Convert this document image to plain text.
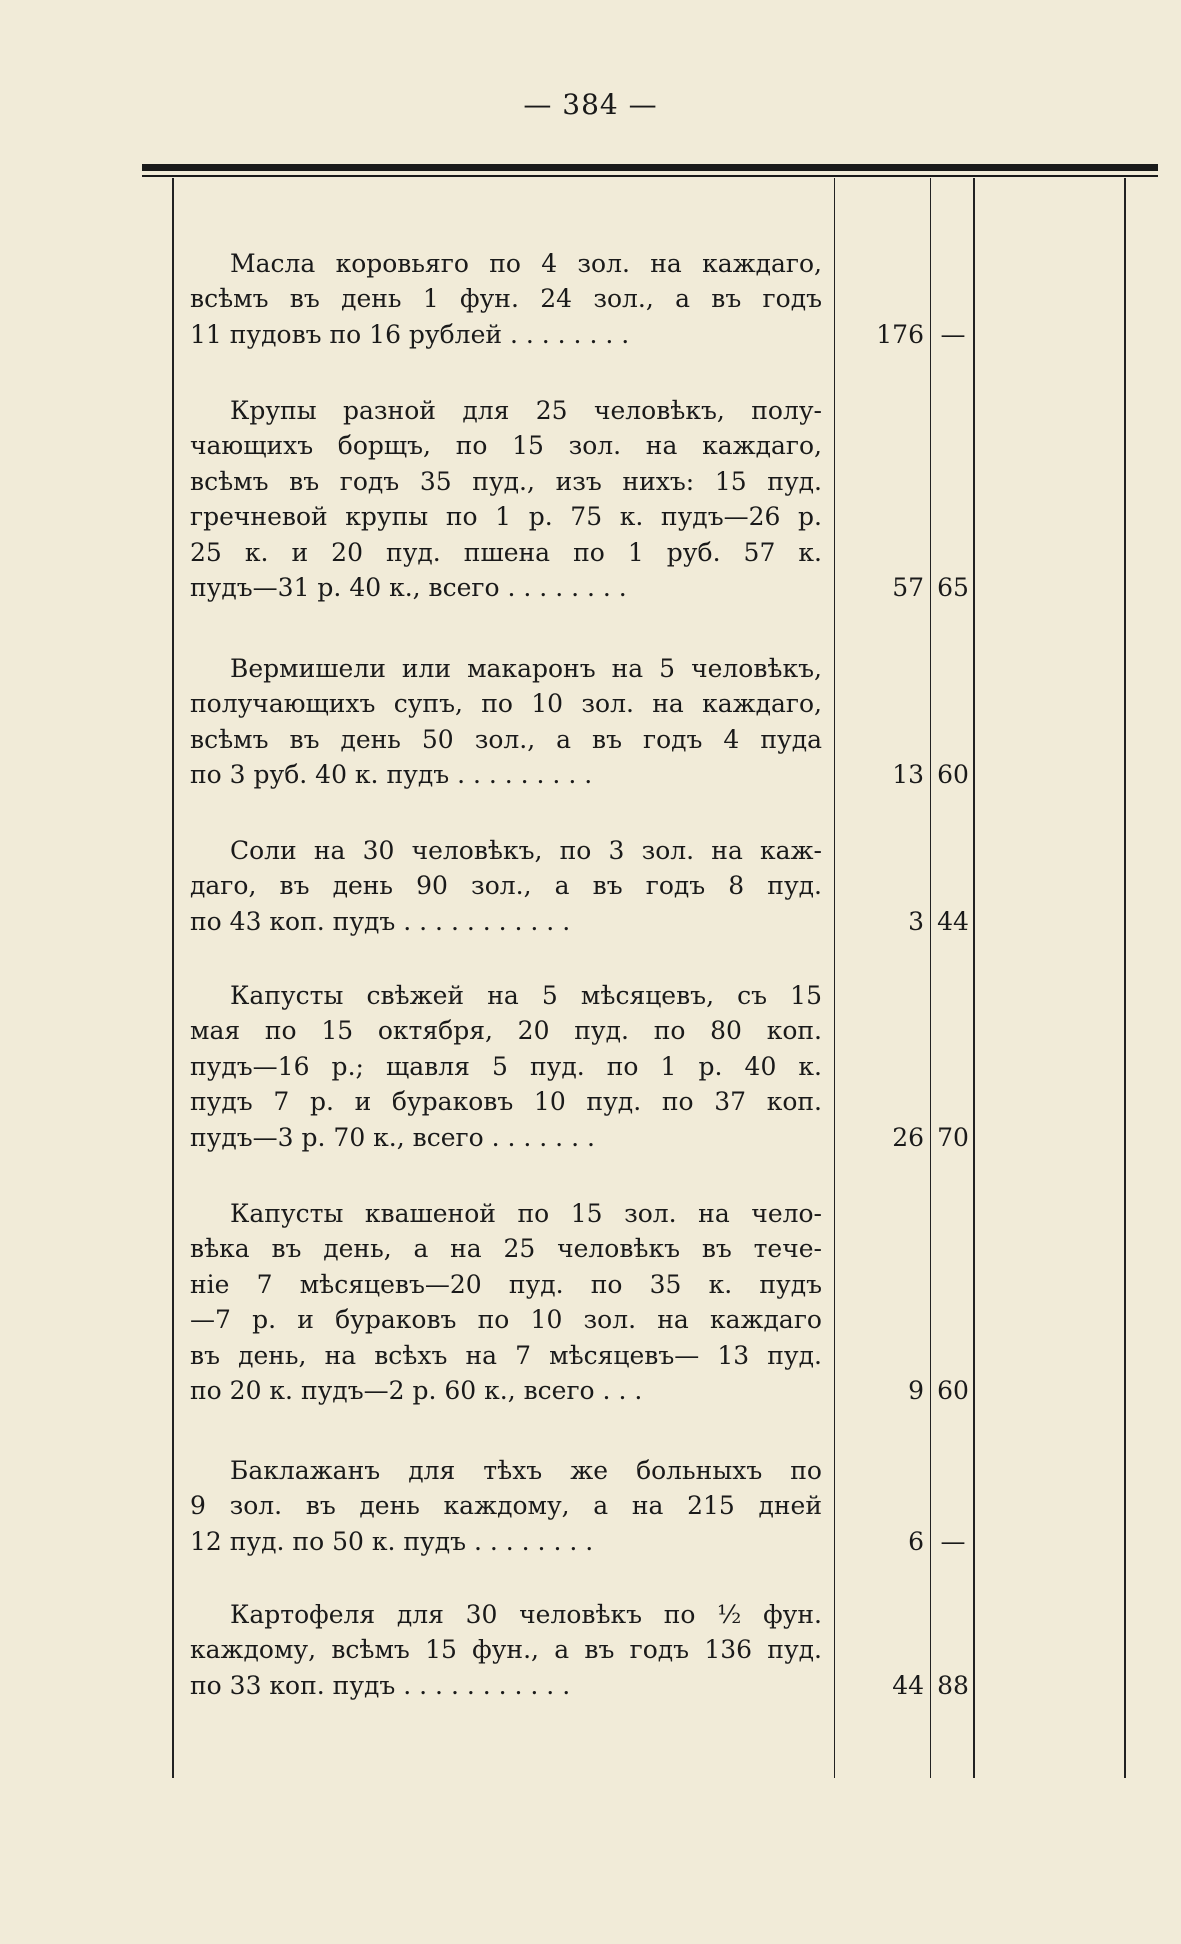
— 384 —
Масла коровьяго по 4 зол. на каждаго,
всѣмъ въ день 1 фун. 24 зол., а въ годъ
11 пудовъ по 16 рублей . . . . . . . .
Крупы разной для 25 человѣкъ, полу-
чающихъ борщъ, по 15 зол. на каждаго,
всѣмъ въ годъ 35 пуд., изъ нихъ: 15 пуд.
гречневой крупы по 1 р. 75 к. пудъ—26 р.
25 к. и 20 пуд. пшена по 1 руб. 57 к.
пудъ—31 р. 40 к., всего . . . . . . . .
Вермишели или макаронъ на 5 человѣкъ,
получающихъ супъ, по 10 зол. на каждаго,
всѣмъ въ день 50 зол., а въ годъ 4 пуда
по 3 руб. 40 к. пудъ . . . . . . . . .
Соли на 30 человѣкъ, по 3 зол. на каж-
даго, въ день 90 зол., а въ годъ 8 пуд.
по 43 коп. пудъ . . . . . . . . . . .
Капусты свѣжей на 5 мѣсяцевъ, съ 15
мая по 15 октября, 20 пуд. по 80 коп.
пудъ—16 р.; щавля 5 пуд. по 1 р. 40 к.
пудъ 7 р. и бураковъ 10 пуд. по 37 коп.
пудъ—3 р. 70 к., всего . . . . . . .
Капусты квашеной по 15 зол. на чело-
вѣка въ день, а на 25 человѣкъ въ тече-
ніе 7 мѣсяцевъ—20 пуд. по 35 к. пудъ
—7 р. и бураковъ по 10 зол. на каждаго
въ день, на всѣхъ на 7 мѣсяцевъ— 13 пуд.
по 20 к. пудъ—2 р. 60 к., всего . . .
Баклажанъ для тѣхъ же больныхъ по
9 зол. въ день каждому, а на 215 дней
12 пуд. по 50 к. пудъ . . . . . . . .
Картофеля для 30 человѣкъ по ½ фун.
каждому, всѣмъ 15 фун., а въ годъ 136 пуд.
по 33 коп. пудъ . . . . . . . . . . .
176 —
57 65
13 60
3 44
26 70
9 60
6 —
44 88
